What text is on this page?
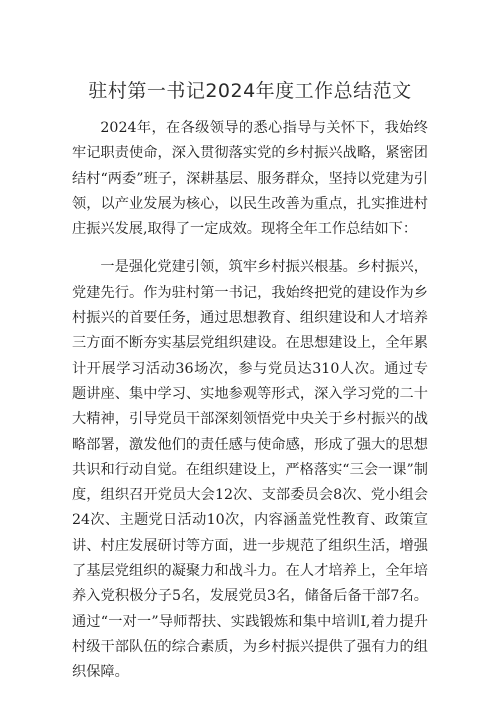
驻村第一书记2024年度工作总结范文

2024年，在各级领导的悉心指导与关怀下，我始终牢记职责使命，深入贯彻落实党的乡村振兴战略，紧密团结村“两委”班子，深耕基层、服务群众，坚持以党建为引领，以产业发展为核心，以民生改善为重点，扎实推进村庄振兴发展,取得了一定成效。现将全年工作总结如下：

一是强化党建引领，筑牢乡村振兴根基。乡村振兴，党建先行。作为驻村第一书记，我始终把党的建设作为乡村振兴的首要任务，通过思想教育、组织建设和人才培养三方面不断夯实基层党组织建设。在思想建设上，全年累计开展学习活动36场次，参与党员达310人次。通过专题讲座、集中学习、实地参观等形式，深入学习党的二十大精神，引导党员干部深刻领悟党中央关于乡村振兴的战略部署，激发他们的责任感与使命感，形成了强大的思想共识和行动自觉。在组织建设上，严格落实“三会一课”制度，组织召开党员大会12次、支部委员会8次、党小组会24次、主题党日活动10次，内容涵盖党性教育、政策宣讲、村庄发展研讨等方面，进一步规范了组织生活，增强了基层党组织的凝聚力和战斗力。在人才培养上，全年培养入党积极分子5名，发展党员3名，储备后备干部7名。通过“一对一”导师帮扶、实践锻炼和集中培训I,着力提升村级干部队伍的综合素质，为乡村振兴提供了强有力的组织保障。
